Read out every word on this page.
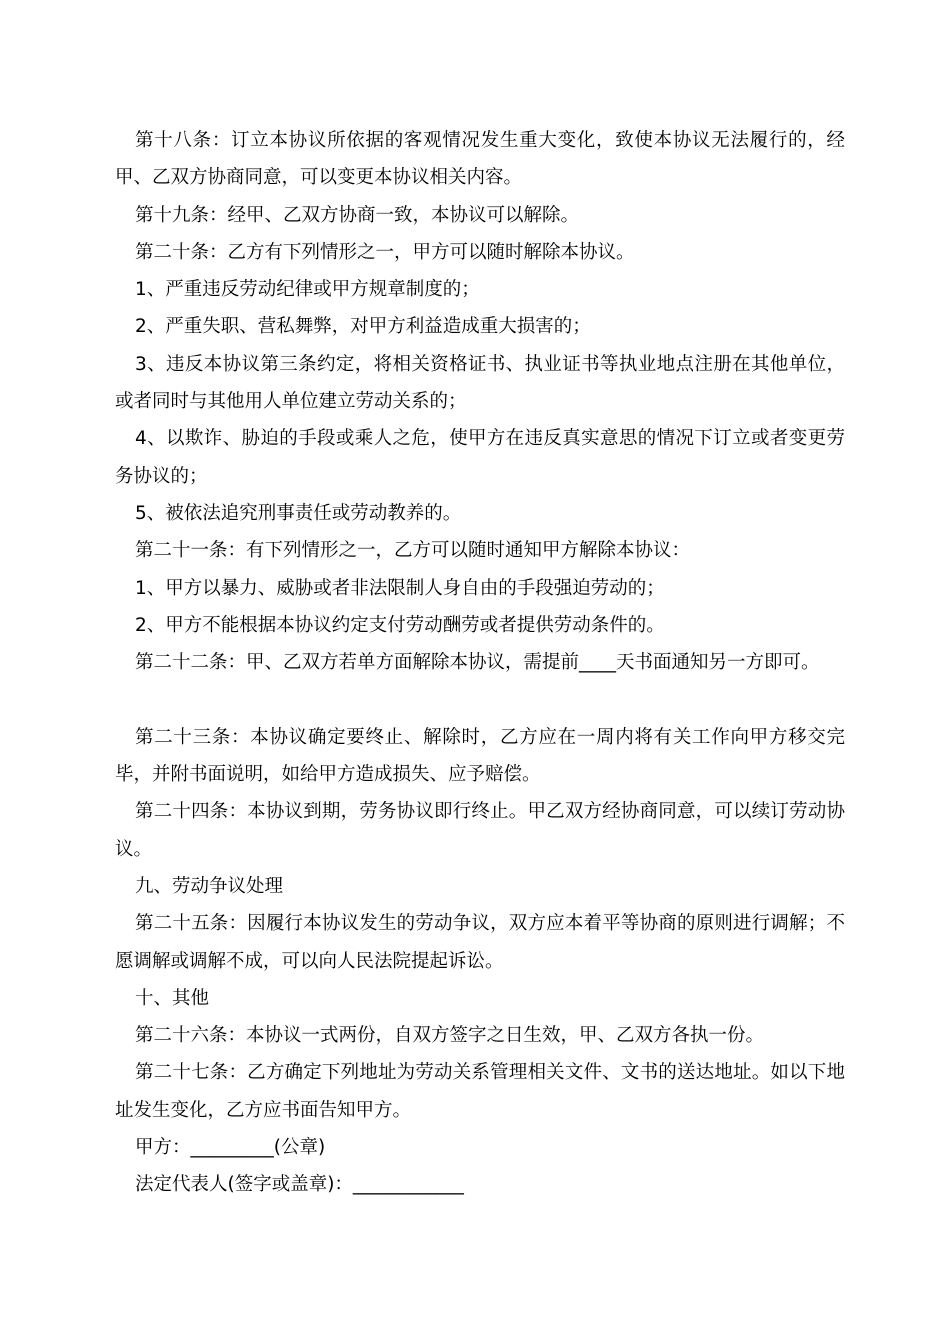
第十八条：订立本协议所依据的客观情况发生重大变化，致使本协议无法履行的，经甲、乙双方协商同意，可以变更本协议相关内容。

第十九条：经甲、乙双方协商一致，本协议可以解除。

第二十条：乙方有下列情形之一，甲方可以随时解除本协议。

1、严重违反劳动纪律或甲方规章制度的；

2、严重失职、营私舞弊，对甲方利益造成重大损害的；

3、违反本协议第三条约定，将相关资格证书、执业证书等执业地点注册在其他单位，或者同时与其他用人单位建立劳动关系的；

4、以欺诈、胁迫的手段或乘人之危，使甲方在违反真实意思的情况下订立或者变更劳务协议的；

5、被依法追究刑事责任或劳动教养的。

第二十一条：有下列情形之一，乙方可以随时通知甲方解除本协议：

1、甲方以暴力、威胁或者非法限制人身自由的手段强迫劳动的；

2、甲方不能根据本协议约定支付劳动酬劳或者提供劳动条件的。

第二十二条：甲、乙双方若单方面解除本协议，需提前____天书面通知另一方即可。

第二十三条：本协议确定要终止、解除时，乙方应在一周内将有关工作向甲方移交完毕，并附书面说明，如给甲方造成损失、应予赔偿。

第二十四条：本协议到期，劳务协议即行终止。甲乙双方经协商同意，可以续订劳动协议。

九、劳动争议处理

第二十五条：因履行本协议发生的劳动争议，双方应本着平等协商的原则进行调解；不愿调解或调解不成，可以向人民法院提起诉讼。

十、其他

第二十六条：本协议一式两份，自双方签字之日生效，甲、乙双方各执一份。

第二十七条：乙方确定下列地址为劳动关系管理相关文件、文书的送达地址。如以下地址发生变化，乙方应书面告知甲方。

甲方：_________(公章)

法定代表人(签字或盖章)：____________
